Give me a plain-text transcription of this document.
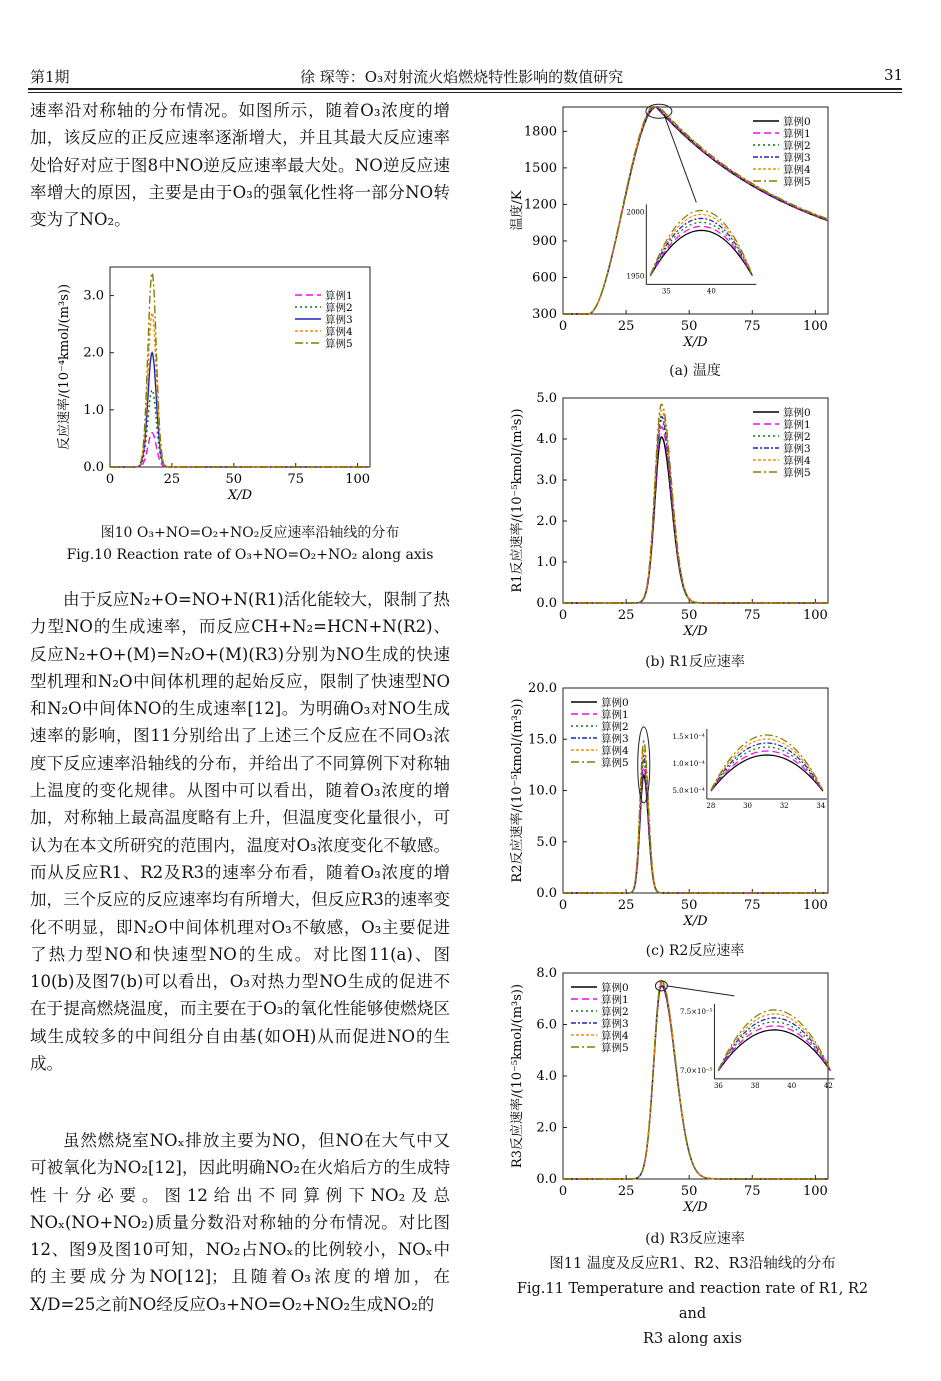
第1期	徐 琛等：O₃对射流火焰燃烧特性影响的数值研究	31

速率沿对称轴的分布情况。如图所示，随着O₃浓度的增加，该反应的正反应速率逐渐增大，并且其最大反应速率处恰好对应于图8中NO逆反应速率最大处。NO逆反应速率增大的原因，主要是由于O₃的强氧化性将一部分NO转变为了NO₂。

0	25	50	75	100
0.0
1.0
2.0
3.0
X/D
反应速率/(10⁻⁴kmol/(m³s))	算例1
算例2
算例3
算例4
算例5
图10 O₃+NO=O₂+NO₂反应速率沿轴线的分布
Fig.10 Reaction rate of O₃+NO=O₂+NO₂ along axis

由于反应N₂+O=NO+N(R1)活化能较大，限制了热力型NO的生成速率，而反应CH+N₂=HCN+N(R2)、反应N₂+O+(M)=N₂O+(M)(R3)分别为NO生成的快速型机理和N₂O中间体机理的起始反应，限制了快速型NO和N₂O中间体NO的生成速率[12]。为明确O₃对NO生成速率的影响，图11分别给出了上述三个反应在不同O₃浓度下反应速率沿轴线的分布，并给出了不同算例下对称轴上温度的变化规律。从图中可以看出，随着O₃浓度的增加，对称轴上最高温度略有上升，但温度变化量很小，可认为在本文所研究的范围内，温度对O₃浓度变化不敏感。而从反应R1、R2及R3的速率分布看，随着O₃浓度的增加，三个反应的反应速率均有所增大，但反应R3的速率变化不明显，即N₂O中间体机理对O₃不敏感，O₃主要促进了热力型NO和快速型NO的生成。对比图11(a)、图10(b)及图7(b)可以看出，O₃对热力型NO生成的促进不在于提高燃烧温度，而主要在于O₃的氧化性能够使燃烧区域生成较多的中间组分自由基(如OH)从而促进NO的生成。

虽然燃烧室NOₓ排放主要为NO，但NO在大气中又可被氧化为NO₂[12]，因此明确NO₂在火焰后方的生成特性十分必要。图12给出不同算例下NO₂及总NOₓ(NO+NO₂)质量分数沿对称轴的分布情况。对比图12、图9及图10可知，NO₂占NOₓ的比例较小，NOₓ中的主要成分为NO[12]；且随着O₃浓度的增加，在X/D=25之前NO经反应O₃+NO=O₂+NO₂生成NO₂的

0	25	50	75	100
300
600
900
1200
1500
1800
X/D
温度/K
算例0
算例1
算例2
算例3
算例4
算例5
35	40
1950
2000
(a) 温度
0	25	50	75	100
0.0
1.0
2.0
3.0
4.0
5.0
X/D
R1反应速率/(10⁻⁵kmol/(m³s))	算例0
算例1
算例2
算例3
算例4
算例5
(b) R1反应速率
0	25	50	75	100
0.0
5.0
10.0
15.0
20.0
X/D
R2反应速率/(10⁻⁵kmol/(m³s))	算例0
算例1
算例2
算例3
算例4
算例5
28	30	32	34
5.0×10⁻⁴
1.0×10⁻⁴
1.5×10⁻⁴
(c) R2反应速率
0	25	50	75	100
0.0
2.0
4.0
6.0
8.0
X/D
R3反应速率/(10⁻⁵kmol/(m³s))	算例0
算例1
算例2
算例3
算例4
算例5
36	38	40	42
7.0×10⁻⁵
7.5×10⁻⁵
(d) R3反应速率
图11 温度及反应R1、R2、R3沿轴线的分布
Fig.11 Temperature and reaction rate of R1, R2 and
R3 along axis
